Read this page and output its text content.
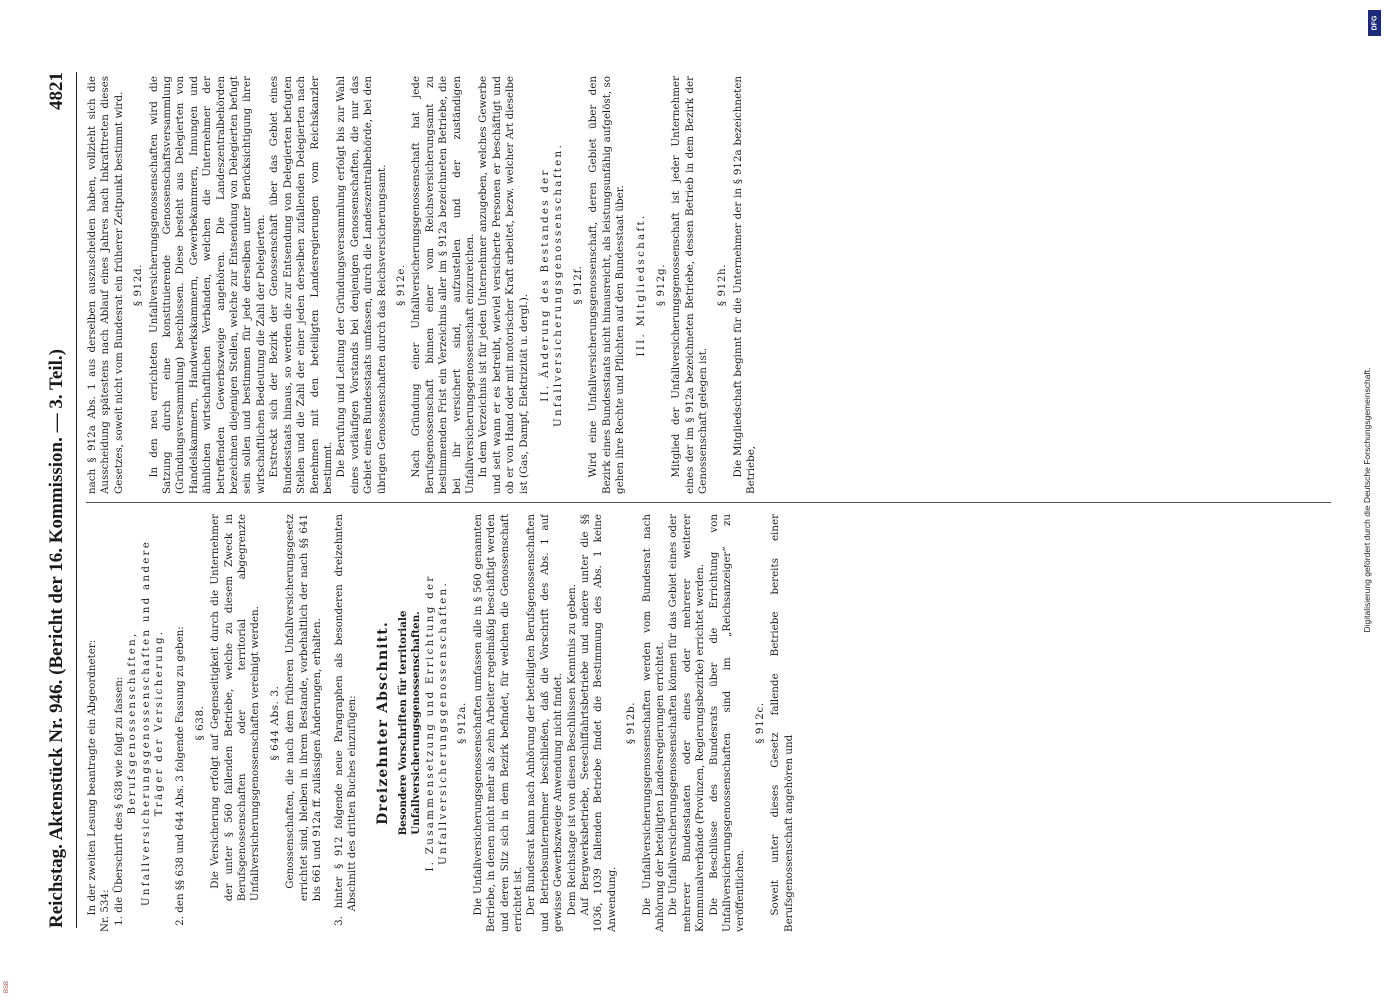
Reichstag. Aktenstück Nr. 946. (Bericht der 16. Kommission. — 3. Teil.)
4821

In der zweiten Lesung beantragte ein Abgeordneter: Nr. 534: 1. die Überschrift des § 638 wie folgt zu fassen: Berufsgenossenschaften, Unfallversicherungsgenossenschaften und andere Träger der Versicherung. 2. den §§ 638 und 644 Abs. 3 folgende Fassung zu geben: § 638. Die Versicherung erfolgt auf Gegenseitigkeit durch die Unternehmer der unter § 560 fallenden Betriebe, welche zu diesem Zweck in Berufsgenossenschaften oder territorial abgegrenzte Unfallversicherungsgenossenschaften vereinigt werden. § 644 Abs. 3. Genossenschaften, die nach dem früheren Unfallversicherungsgesetz errichtet sind, bleiben in ihrem Bestande, vorbehaltlich der nach §§ 641 bis 661 und 912a ff. zulässigen Änderungen, erhalten. 3. hinter § 912 folgende neue Paragraphen als besonderen dreizehnten Abschnitt des dritten Buches einzufügen: Dreizehnter Abschnitt. Besondere Vorschriften für territoriale Unfallversicherungsgenossenschaften. I. Zusammensetzung und Errichtung der Unfallversicherungsgenossenschaften. § 912a. Die Unfallversicherungsgenossenschaften umfassen alle in § 560 genannten Betriebe, in denen nicht mehr als zehn Arbeiter regelmäßig beschäftigt werden und deren Sitz sich in dem Bezirk befindet, für welchen die Genossenschaft errichtet ist. Der Bundesrat kann nach Anhörung der beteiligten Berufsgenossenschaften und Betriebsunternehmer beschließen, daß die Vorschrift des Abs. 1 auf gewisse Gewerbszweige Anwendung nicht findet. Dem Reichstage ist von diesen Beschlüssen Kenntnis zu geben. Auf Bergwerksbetriebe, Seeschiffahrtsbetriebe und andere unter die §§ 1036, 1039 fallenden Betriebe findet die Bestimmung des Abs. 1 keine Anwendung.

§ 912b. Die Unfallversicherungsgenossenschaften werden vom Bundesrat nach Anhörung der beteiligten Landesregierungen errichtet. Die Unfallversicherungsgenossenschaften können für das Gebiet eines oder mehrerer Bundesstaaten oder eines oder mehrerer weiterer Kommunalverbände (Provinzen, Regierungsbezirke) errichtet werden. Die Beschlüsse des Bundesrats über die Errichtung von Unfallversicherungsgenossenschaften sind im „Reichsanzeiger“ zu veröffentlichen.

§ 912c. Soweit unter dieses Gesetz fallende Betriebe bereits einer Berufsgenossenschaft angehören und

nach § 912a Abs. 1 aus derselben auszuscheiden haben, vollzieht sich die Ausscheidung spätestens nach Ablauf eines Jahres nach Inkrafttreten dieses Gesetzes, soweit nicht vom Bundesrat ein früherer Zeitpunkt bestimmt wird. § 912d. In den neu errichteten Unfallversicherungsgenossenschaften wird die Satzung durch eine konstituierende Genossenschaftsversammlung (Gründungsversammlung) beschlossen. Diese besteht aus Delegierten von Handelskammern, Handwerkskammern, Gewerbekammern, Innungen und ähnlichen wirtschaftlichen Verbänden, welchen die Unternehmer der betreffenden Gewerbszweige angehören. Die Landeszentralbehörden bezeichnen diejenigen Stellen, welche zur Entsendung von Delegierten befugt sein sollen und bestimmen für jede derselben unter Berücksichtigung ihrer wirtschaftlichen Bedeutung die Zahl der Delegierten. Erstreckt sich der Bezirk der Genossenschaft über das Gebiet eines Bundesstaats hinaus, so werden die zur Entsendung von Delegierten befugten Stellen und die Zahl der einer jeden derselben zufallenden Delegierten nach Benehmen mit den beteiligten Landesregierungen vom Reichskanzler bestimmt. Die Berufung und Leitung der Gründungsversammlung erfolgt bis zur Wahl eines vorläufigen Vorstands bei denjenigen Genossenschaften, die nur das Gebiet eines Bundesstaats umfassen, durch die Landeszentralbehörde, bei den übrigen Genossenschaften durch das Reichsversicherungsamt. § 912e. Nach Gründung einer Unfallversicherungsgenossenschaft hat jede Berufsgenossenschaft binnen einer vom Reichsversicherungsamt zu bestimmenden Frist ein Verzeichnis aller im § 912a bezeichneten Betriebe, die bei ihr versichert sind, aufzustellen und der zuständigen Unfallversicherungsgenossenschaft einzureichen. In dem Verzeichnis ist für jeden Unternehmer anzugeben, welches Gewerbe und seit wann er es betreibt, wieviel versicherte Personen er beschäftigt und ob er von Hand oder mit motorischer Kraft arbeitet, bezw. welcher Art dieselbe ist (Gas, Dampf, Elektrizität u. dergl.). II. Änderung des Bestandes der Unfallversicherungsgenossenschaften. § 912f. Wird eine Unfallversicherungsgenossenschaft, deren Gebiet über den Bezirk eines Bundesstaats nicht hinausreicht, als leistungsunfähig aufgelöst, so gehen ihre Rechte und Pflichten auf den Bundesstaat über. III. Mitgliedschaft. § 912g. Mitglied der Unfallversicherungsgenossenschaft ist jeder Unternehmer eines der im § 912a bezeichneten Betriebe, dessen Betrieb in dem Bezirk der Genossenschaft gelegen ist.

§ 912h. Die Mitgliedschaft beginnt für die Unternehmer der in § 912a bezeichneten Betriebe,	Digitalisierung gefördert durch die Deutsche Forschungsgemeinschaft.
DFG
BSB
